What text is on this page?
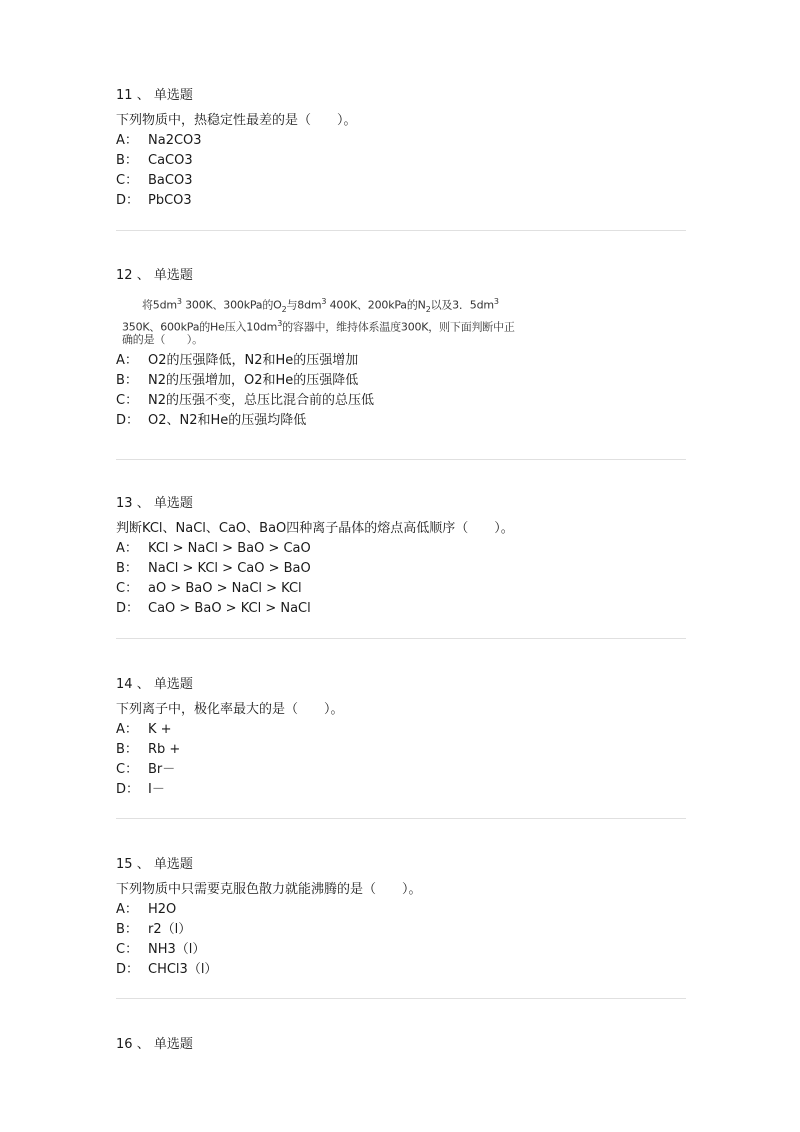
11 、 单选题
下列物质中，热稳定性最差的是（　　）。
A： Na2CO3
B： CaCO3
C： BaCO3
D： PbCO3
12 、 单选题
将$5dm^3$ 300K、300kPa的$O_2$与$8dm^3$ 400K、200kPa的$N_2$以及3．$5dm^3$
350K、600kPa的He压入$10dm^3$的容器中，维持体系温度300K，则下面判断中正
确的是（　　）。
A： O2的压强降低，N2和He的压强增加
B： N2的压强增加，O2和He的压强降低
C： N2的压强不变，总压比混合前的总压低
D： O2、N2和He的压强均降低
13 、 单选题
判断KCl、NaCl、CaO、BaO四种离子晶体的熔点高低顺序（　　）。
A： KCl > NaCl > BaO > CaO
B： NaCl > KCl > CaO > BaO
C： aO > BaO > NaCl > KCl
D： CaO > BaO > KCl > NaCl
14 、 单选题
下列离子中，极化率最大的是（　　）。
A： K +
B： Rb +
C： Br－
D： I－
15 、 单选题
下列物质中只需要克服色散力就能沸腾的是（　　）。
A： H2O
B： r2（l）
C： NH3（l）
D： CHCl3（l）
16 、 单选题
